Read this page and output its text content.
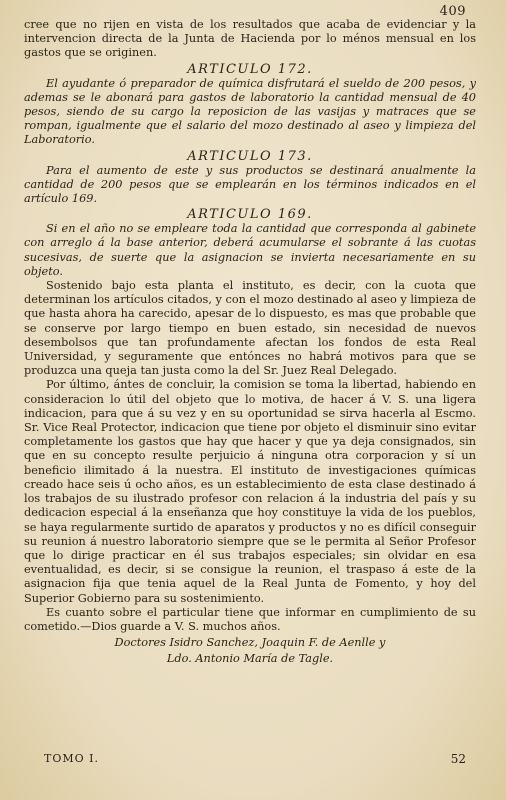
409

cree que no rijen en vista de los resultados que acaba de evidenciar y la intervencion directa de la Junta de Hacienda por lo ménos mensual en los gastos que se originen.

ARTICULO 172.

El ayudante ó preparador de química disfrutará el sueldo de 200 pesos, y ademas se le abonará para gastos de laboratorio la cantidad mensual de 40 pesos, siendo de su cargo la reposicion de las vasijas y matraces que se rompan, igualmente que el salario del mozo destinado al aseo y limpieza del Laboratorio.

ARTICULO 173.

Para el aumento de este y sus productos se destinará anualmente la cantidad de 200 pesos que se emplearán en los términos indicados en el artículo 169.

ARTICULO 169.

Si en el año no se empleare toda la cantidad que corresponda al gabinete con arreglo á la base anterior, deberá acumularse el sobrante á las cuotas sucesivas, de suerte que la asignacion se invierta necesariamente en su objeto.

Sostenido bajo esta planta el instituto, es decir, con la cuota que determinan los artículos citados, y con el mozo destinado al aseo y limpieza de que hasta ahora ha carecido, apesar de lo dispuesto, es mas que probable que se conserve por largo tiempo en buen estado, sin necesidad de nuevos desembolsos que tan profundamente afectan los fondos de esta Real Universidad, y seguramente que entónces no habrá motivos para que se produzca una queja tan justa como la del Sr. Juez Real Delegado.

Por último, ántes de concluir, la comision se toma la libertad, habiendo en consideracion lo útil del objeto que lo motiva, de hacer á V. S. una ligera indicacion, para que á su vez y en su oportunidad se sirva hacerla al Escmo. Sr. Vice Real Protector, indicacion que tiene por objeto el disminuir sino evitar completamente los gastos que hay que hacer y que ya deja consignados, sin que en su concepto resulte perjuicio á ninguna otra corporacion y sí un beneficio ilimitado á la nuestra. El instituto de investigaciones químicas creado hace seis ú ocho años, es un establecimiento de esta clase destinado á los trabajos de su ilustrado profesor con relacion á la industria del país y su dedicacion especial á la enseñanza que hoy constituye la vida de los pueblos, se haya regularmente surtido de aparatos y productos y no es difícil conseguir su reunion á nuestro laboratorio siempre que se le permita al Señor Profesor que lo dirige practicar en él sus trabajos especiales; sin olvidar en esa eventualidad, es decir, si se consigue la reunion, el traspaso á este de la asignacion fija que tenia aquel de la Real Junta de Fomento, y hoy del Superior Gobierno para su sostenimiento.

Es cuanto sobre el particular tiene que informar en cumplimiento de su cometido.—Dios guarde a V. S. muchos años.

Doctores Isidro Sanchez, Joaquin F. de Aenlle y
Ldo. Antonio María de Tagle.
TOMO I.	52
